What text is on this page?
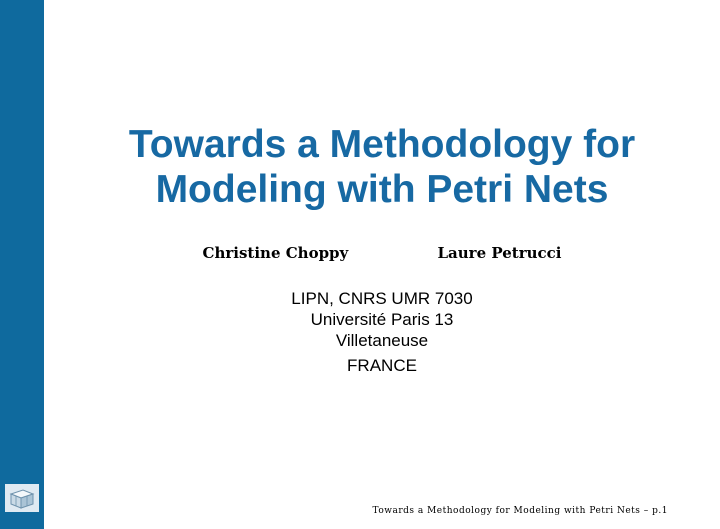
Towards a Methodology for
Modeling with Petri Nets
Christine Choppy	Laure Petrucci
LIPN, CNRS UMR 7030
Université Paris 13
Villetaneuse
FRANCE
Towards a Methodology for Modeling with Petri Nets – p.1
